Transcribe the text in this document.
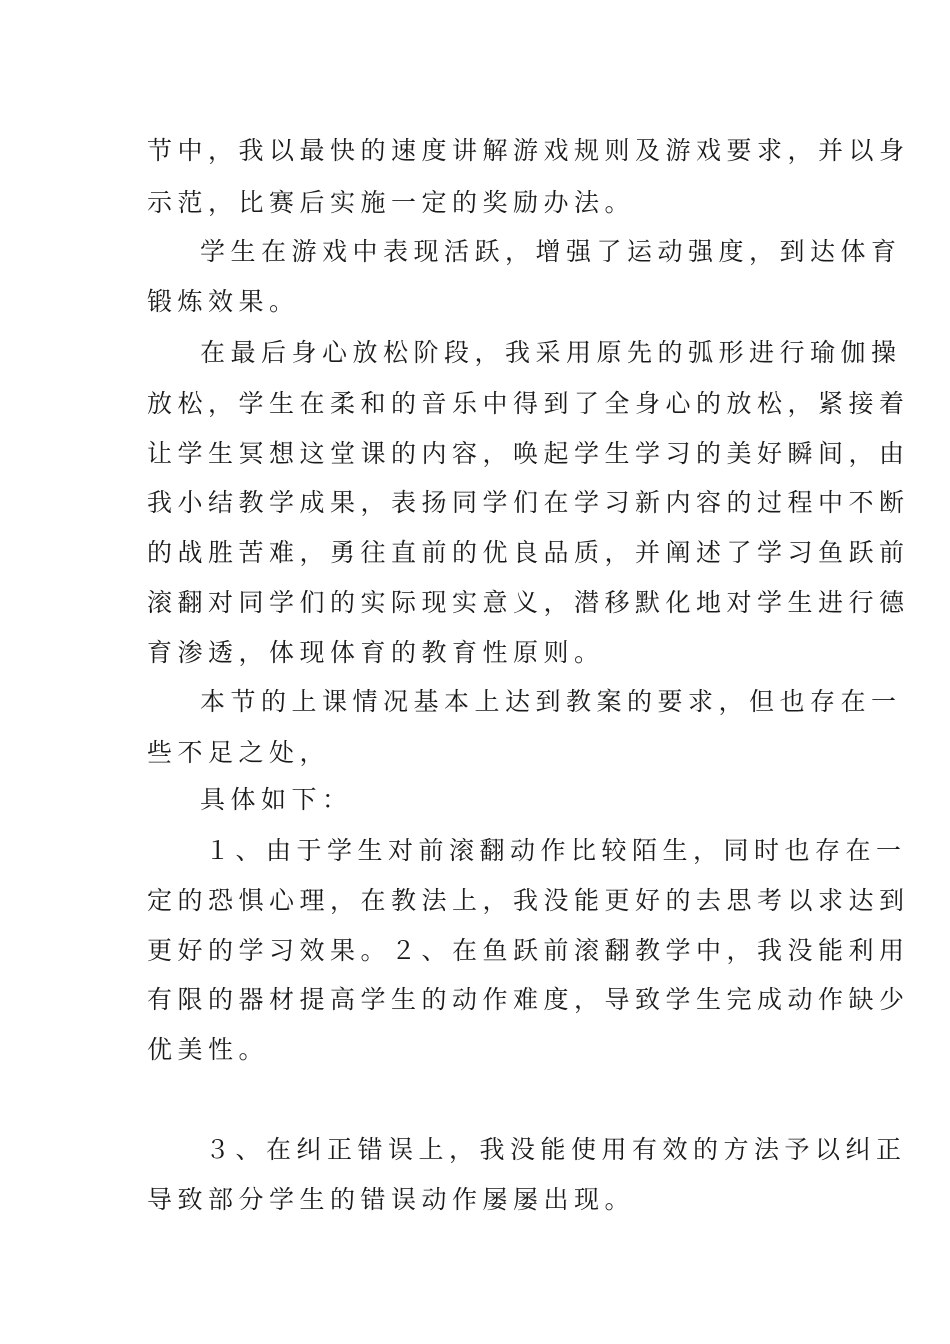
节中，我以最快的速度讲解游戏规则及游戏要求，并以身
示范，比赛后实施一定的奖励办法。
学生在游戏中表现活跃，增强了运动强度，到达体育
锻炼效果。
在最后身心放松阶段，我采用原先的弧形进行瑜伽操
放松，学生在柔和的音乐中得到了全身心的放松，紧接着
让学生冥想这堂课的内容，唤起学生学习的美好瞬间，由
我小结教学成果，表扬同学们在学习新内容的过程中不断
的战胜苦难，勇往直前的优良品质，并阐述了学习鱼跃前
滚翻对同学们的实际现实意义，潜移默化地对学生进行德
育渗透，体现体育的教育性原则。
本节的上课情况基本上达到教案的要求，但也存在一
些不足之处，
具体如下：
１、由于学生对前滚翻动作比较陌生，同时也存在一
定的恐惧心理，在教法上，我没能更好的去思考以求达到
更好的学习效果。２、在鱼跃前滚翻教学中，我没能利用
有限的器材提高学生的动作难度，导致学生完成动作缺少
优美性。
３、在纠正错误上，我没能使用有效的方法予以纠正
导致部分学生的错误动作屡屡出现。
